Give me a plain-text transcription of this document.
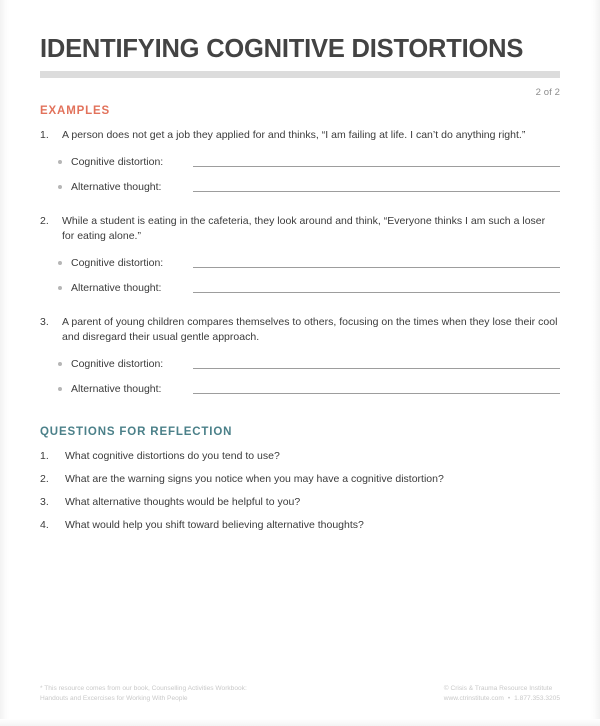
IDENTIFYING COGNITIVE DISTORTIONS
2 of 2
EXAMPLES
1.	A person does not get a job they applied for and thinks, “I am failing at life. I can’t do anything right.”
Cognitive distortion:
Alternative thought:
2.	While a student is eating in the cafeteria, they look around and think, “Everyone thinks I am such a loser for eating alone.”
Cognitive distortion:
Alternative thought:
3.	A parent of young children compares themselves to others, focusing on the times when they lose their cool and disregard their usual gentle approach.
Cognitive distortion:
Alternative thought:
QUESTIONS FOR REFLECTION
1.	What cognitive distortions do you tend to use?
2.	What are the warning signs you notice when you may have a cognitive distortion?
3.	What alternative thoughts would be helpful to you?
4.	What would help you shift toward believing alternative thoughts?
* This resource comes from our book, Counselling Activities Workbook:
Handouts and Excercises for Working With People
© Crisis & Trauma Resource Institute
www.ctrinstitute.com • 1.877.353.3205
